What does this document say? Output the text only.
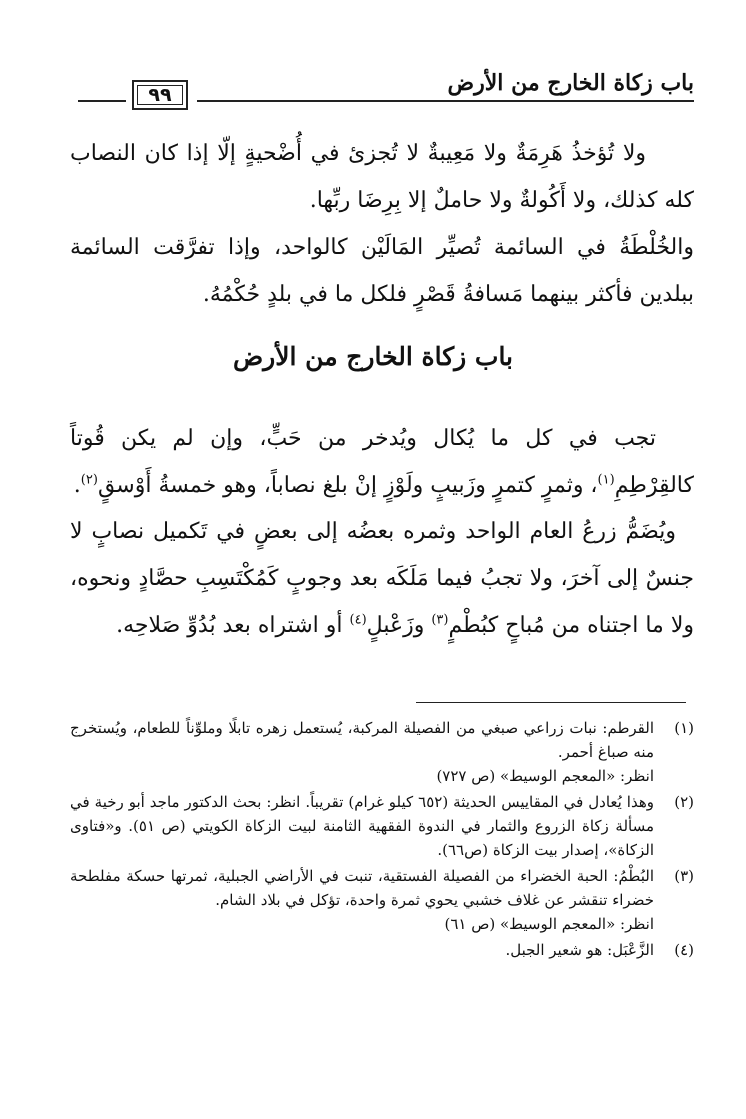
باب زكاة الخارج من الأرض
٩٩

ولا تُؤخذُ هَرِمَةٌ ولا مَعِيبةٌ لا تُجزئ في أُضْحيةٍ إلّا إذا كان النصاب كله كذلك، ولا أَكُولةٌ ولا حاملٌ إلا بِرِضَا ربِّها.

والخُلْطَةُ في السائمة تُصيِّر المَالَيْن كالواحد، وإذا تفرَّقت السائمة ببلدين فأكثر بينهما مَسافةُ قَصْرٍ فلكل ما في بلدٍ حُكْمُهُ.

باب زكاة الخارج من الأرض

تجب في كل ما يُكال ويُدخر من حَبٍّ، وإن لم يكن قُوتاً كالقِرْطِمِ$^{(١)}$، وثمرٍ كتمرٍ وزَبيبٍ ولَوْزٍ إنْ بلغ نصاباً، وهو خمسةُ أَوْسقٍ$^{(٢)}$.

ويُضَمُّ زرعُ العام الواحد وثمره بعضُه إلى بعضٍ في تَكميل نصابٍ لا جنسٌ إلى آخرَ، ولا تجبُ فيما مَلَكَه بعد وجوبٍ كَمُكْتَسِبِ حصَّادٍ ونحوه، ولا ما اجتناه من مُباحٍ كبُطْمٍ$^{(٣)}$ وزَعْبلٍ$^{(٤)}$ أو اشتراه بعد بُدُوِّ صَلاحِه.

(١)
القرطم: نبات زراعي صبغي من الفصيلة المركبة، يُستعمل زهره تابلًا وملوِّناً للطعام، ويُستخرج منه صباغ أحمر.
انظر: «المعجم الوسيط» (ص ٧٢٧)
(٢)
وهذا يُعادل في المقاييس الحديثة (٦٥٢ كيلو غرام) تقريباً. انظر: بحث الدكتور ماجد أبو رخية في مسألة زكاة الزروع والثمار في الندوة الفقهية الثامنة لبيت الزكاة الكويتي (ص ٥١). و«فتاوى الزكاة»، إصدار بيت الزكاة (ص٦٦).
(٣)
البُطْمُ: الحبة الخضراء من الفصيلة الفستقية، تنبت في الأراضي الجبلية، ثمرتها حسكة مفلطحة خضراء تنقشر عن غلاف خشبي يحوي ثمرة واحدة، تؤكل في بلاد الشام.
انظر: «المعجم الوسيط» (ص ٦١)
(٤)
الزَّعْبَل: هو شعير الجبل.
